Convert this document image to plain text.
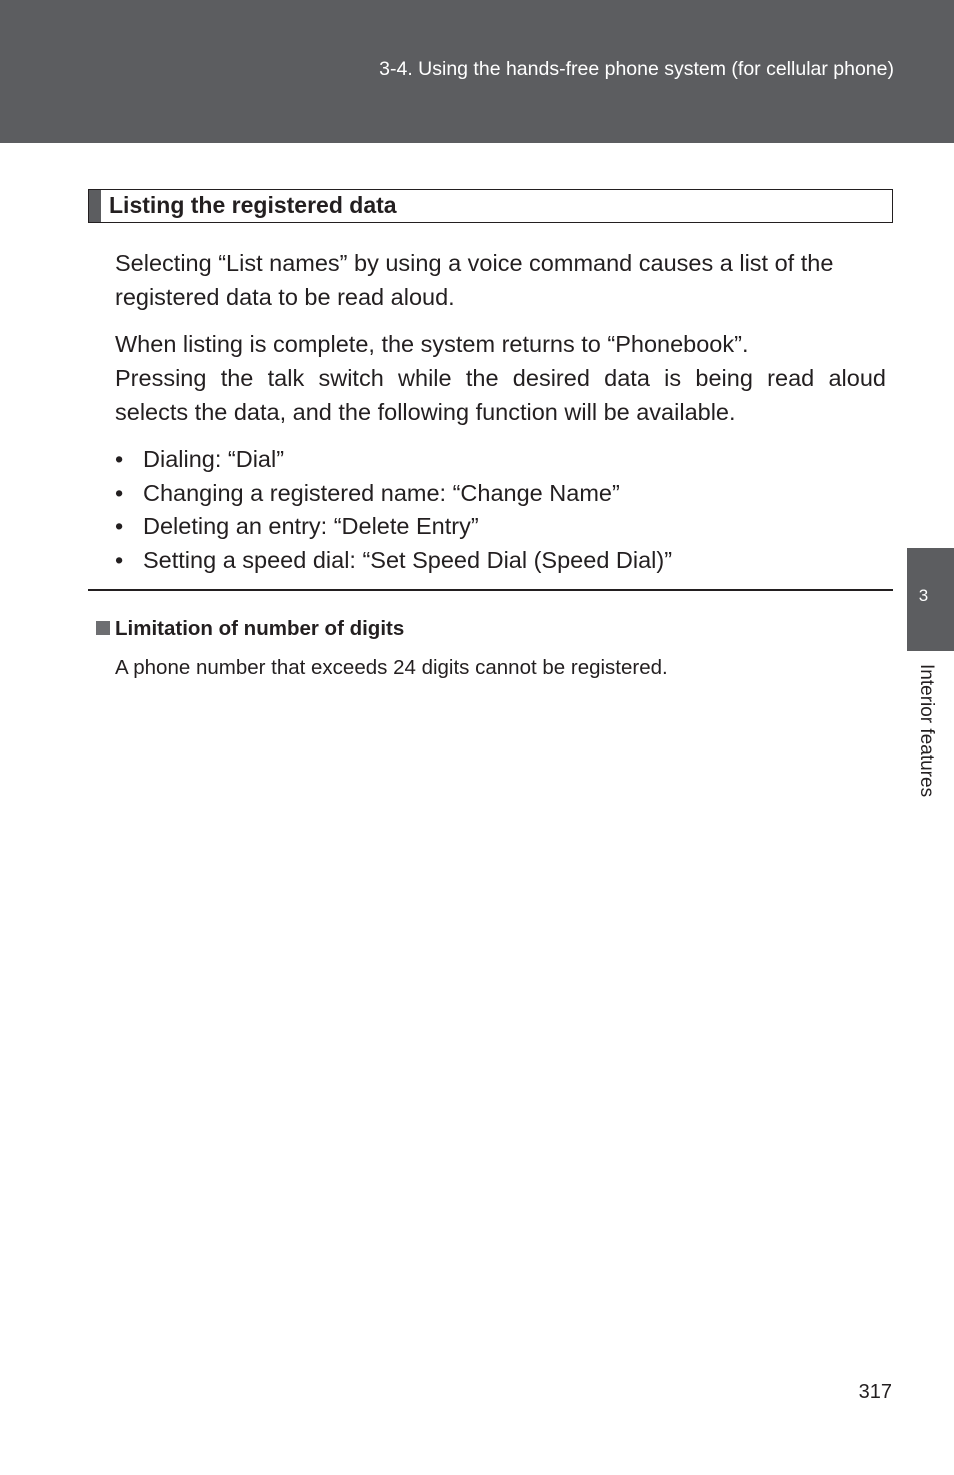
3-4. Using the hands-free phone system (for cellular phone)
Listing the registered data

Selecting “List names” by using a voice command causes a list of the registered data to be read aloud.

When listing is complete, the system returns to “Phonebook”.
Pressing the talk switch while the desired data is being read aloud
selects the data, and the following function will be available.
• Dialing: “Dial”
• Changing a registered name: “Change Name”
• Deleting an entry: “Delete Entry”
• Setting a speed dial: “Set Speed Dial (Speed Dial)”
Limitation of number of digits
A phone number that exceeds 24 digits cannot be registered.
3
Interior features
317
